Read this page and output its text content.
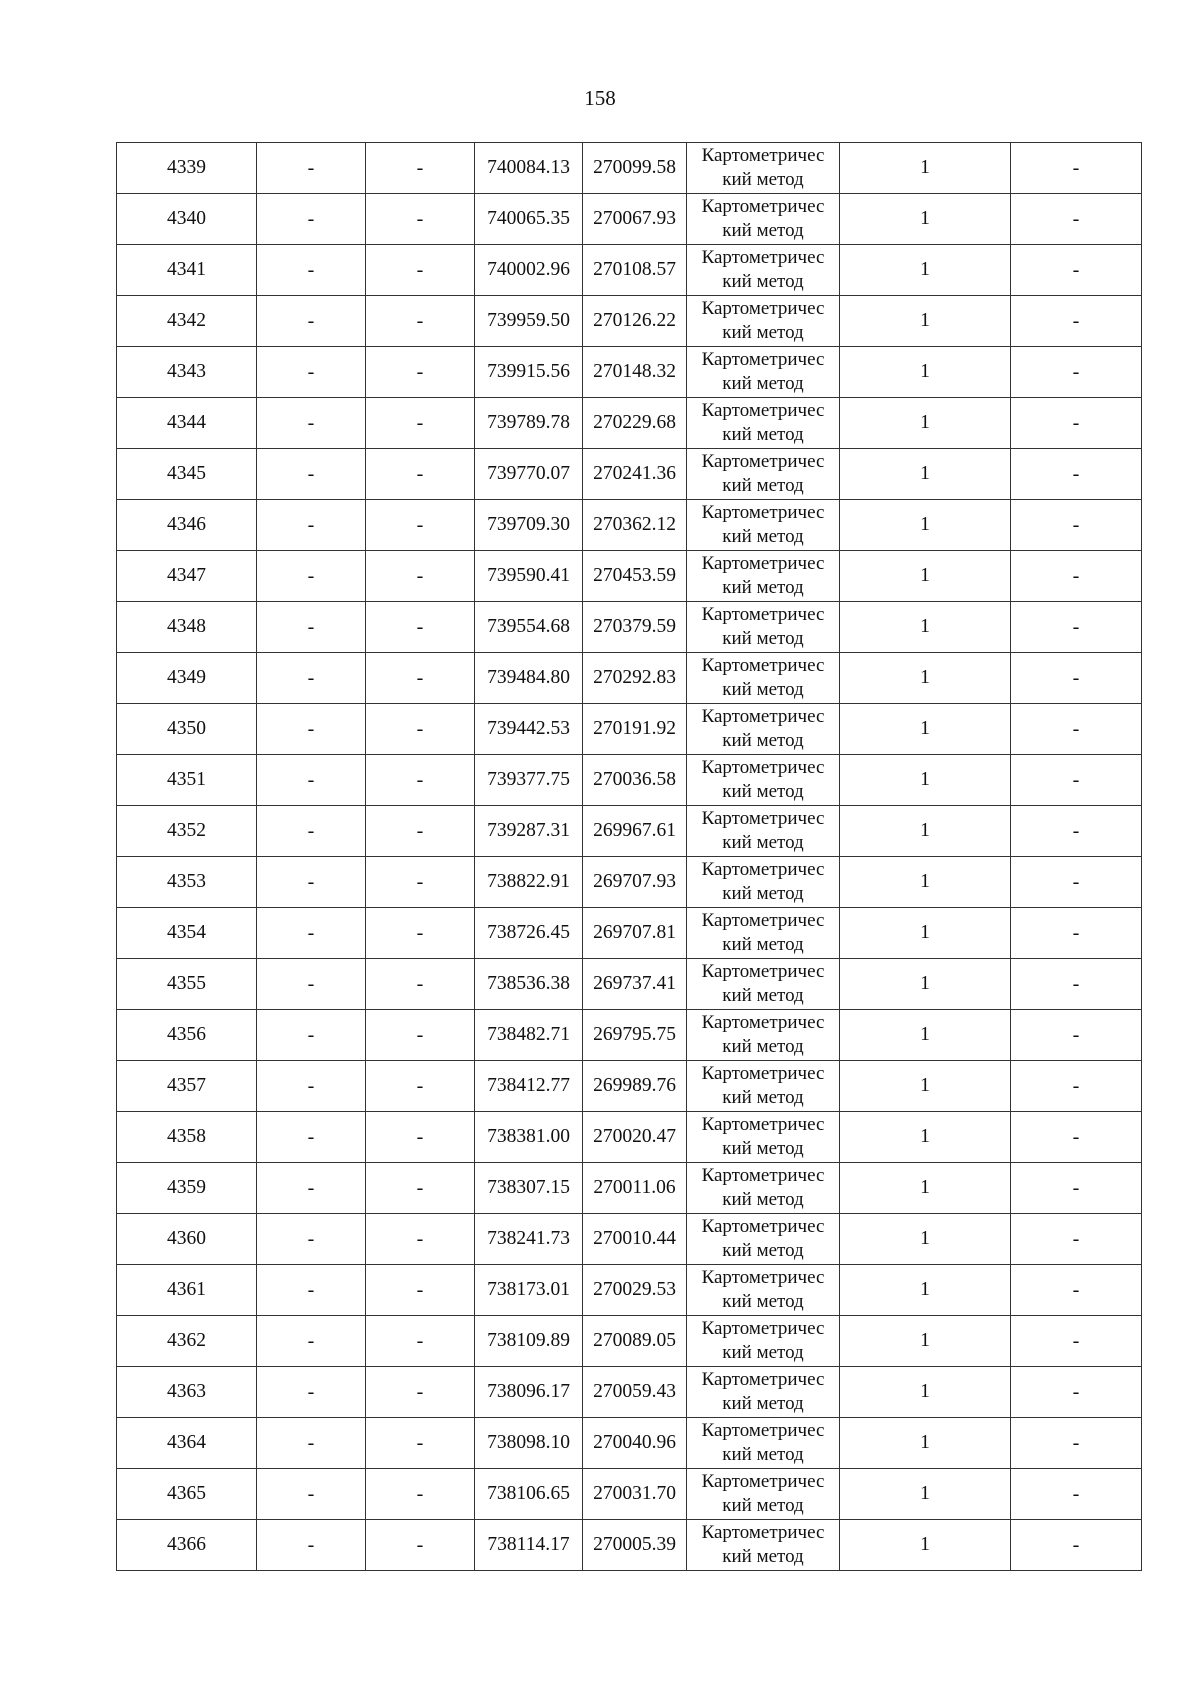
158
4339	-	-	740084.13	270099.58	Картометричес
кий метод	1	-
4340	-	-	740065.35	270067.93	Картометричес
кий метод	1	-
4341	-	-	740002.96	270108.57	Картометричес
кий метод	1	-
4342	-	-	739959.50	270126.22	Картометричес
кий метод	1	-
4343	-	-	739915.56	270148.32	Картометричес
кий метод	1	-
4344	-	-	739789.78	270229.68	Картометричес
кий метод	1	-
4345	-	-	739770.07	270241.36	Картометричес
кий метод	1	-
4346	-	-	739709.30	270362.12	Картометричес
кий метод	1	-
4347	-	-	739590.41	270453.59	Картометричес
кий метод	1	-
4348	-	-	739554.68	270379.59	Картометричес
кий метод	1	-
4349	-	-	739484.80	270292.83	Картометричес
кий метод	1	-
4350	-	-	739442.53	270191.92	Картометричес
кий метод	1	-
4351	-	-	739377.75	270036.58	Картометричес
кий метод	1	-
4352	-	-	739287.31	269967.61	Картометричес
кий метод	1	-
4353	-	-	738822.91	269707.93	Картометричес
кий метод	1	-
4354	-	-	738726.45	269707.81	Картометричес
кий метод	1	-
4355	-	-	738536.38	269737.41	Картометричес
кий метод	1	-
4356	-	-	738482.71	269795.75	Картометричес
кий метод	1	-
4357	-	-	738412.77	269989.76	Картометричес
кий метод	1	-
4358	-	-	738381.00	270020.47	Картометричес
кий метод	1	-
4359	-	-	738307.15	270011.06	Картометричес
кий метод	1	-
4360	-	-	738241.73	270010.44	Картометричес
кий метод	1	-
4361	-	-	738173.01	270029.53	Картометричес
кий метод	1	-
4362	-	-	738109.89	270089.05	Картометричес
кий метод	1	-
4363	-	-	738096.17	270059.43	Картометричес
кий метод	1	-
4364	-	-	738098.10	270040.96	Картометричес
кий метод	1	-
4365	-	-	738106.65	270031.70	Картометричес
кий метод	1	-
4366	-	-	738114.17	270005.39	Картометричес
кий метод	1	-
